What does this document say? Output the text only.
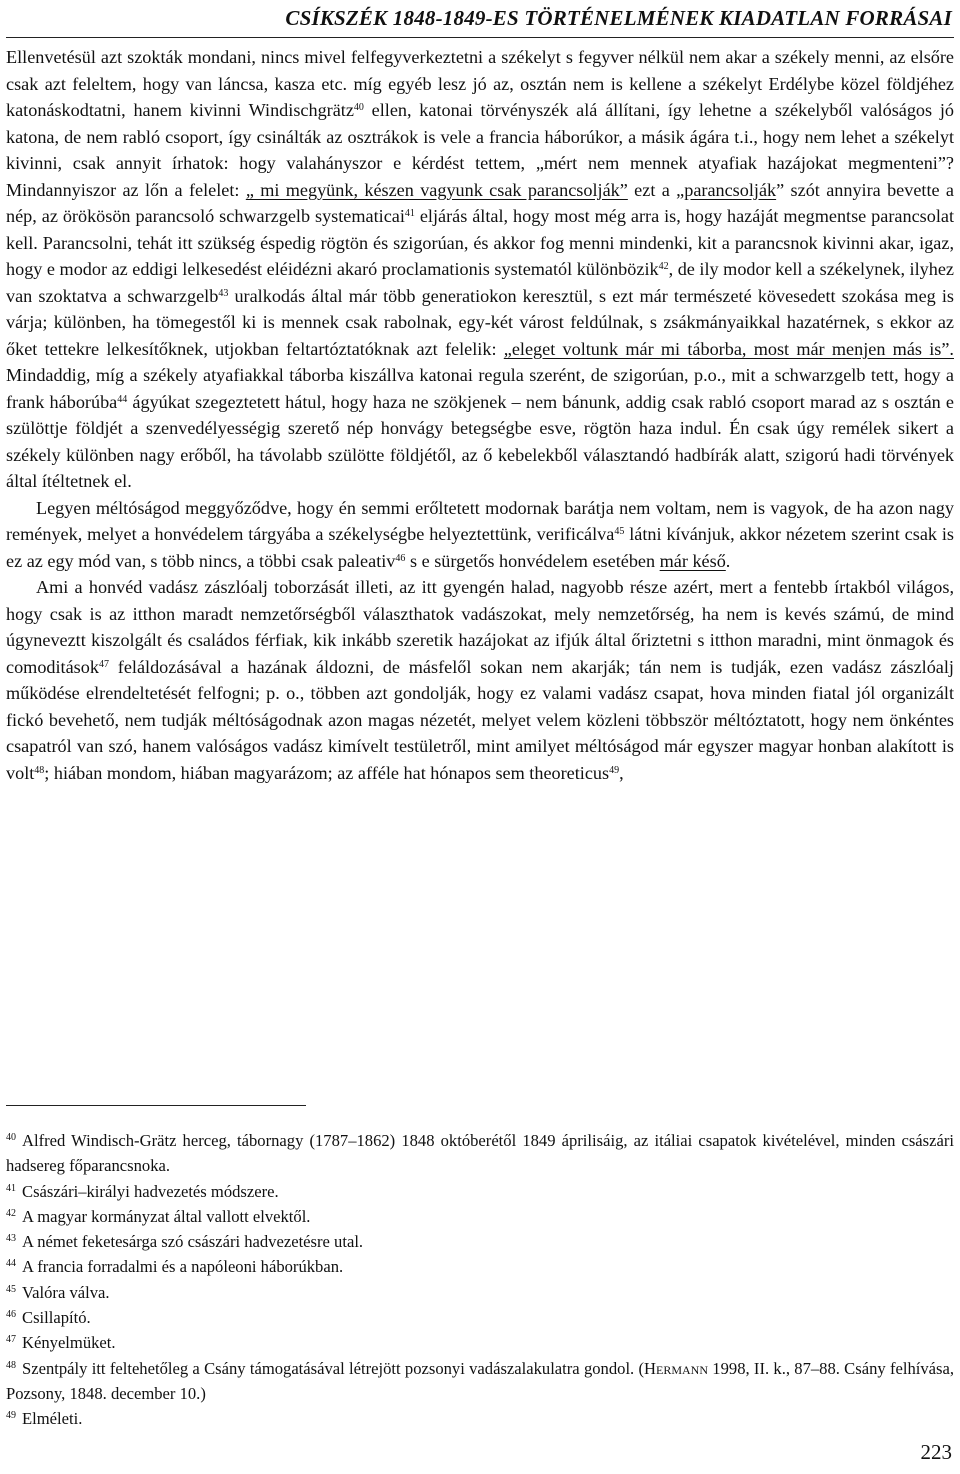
CSÍKSZÉK 1848-1849-ES TÖRTÉNELMÉNEK KIADATLAN FORRÁSAI

Ellenvetésül azt szokták mondani, nincs mivel felfegyverkeztetni a székelyt s fegyver nélkül nem akar a székely menni, az elsőre csak azt feleltem, hogy van láncsa, kasza etc. míg egyéb lesz jó az, osztán nem is kellene a székelyt Erdélybe közel földjéhez katonáskodtatni, hanem kivinni Windischgrätz$^{40}$ ellen, katonai törvényszék alá állítani, így lehetne a székelyből valóságos jó katona, de nem rabló csoport, így csinálták az osztrákok is vele a francia háborúkor, a másik ágára t.i., hogy nem lehet a székelyt kivinni, csak annyit írhatok: hogy valahányszor e kérdést tettem, „mért nem mennek atyafiak hazájokat megmenteni”? Mindannyiszor az lőn a felelet: „ mi megyünk, készen vagyunk csak parancsolják” ezt a „parancsolják” szót annyira bevette a nép, az örökösön parancsoló schwarzgelb systematicai$^{41}$ eljárás által, hogy most még arra is, hogy hazáját megmentse parancsolat kell. Parancsolni, tehát itt szükség éspedig rögtön és szigorúan, és akkor fog menni mindenki, kit a parancsnok kivinni akar, igaz, hogy e modor az eddigi lelkesedést eléidézni akaró proclamationis systematól különbözik$^{42}$, de ily modor kell a székelynek, ilyhez van szoktatva a schwarzgelb$^{43}$ uralkodás által már több generatiokon keresztül, s ezt már természeté kövesedett szokása meg is várja; különben, ha tömegestől ki is mennek csak rabolnak, egy-két várost feldúlnak, s zsákmányaikkal hazatérnek, s ekkor az őket tettekre lelkesítőknek, utjokban feltartóztatóknak azt felelik: „eleget voltunk már mi táborba, most már menjen más is”. Mindaddig, míg a székely atyafiakkal táborba kiszállva katonai regula szerént, de szigorúan, p.o., mit a schwarzgelb tett, hogy a frank háborúba$^{44}$ ágyúkat szegeztetett hátul, hogy haza ne szökjenek – nem bánunk, addig csak rabló csoport marad az s osztán e szülöttje földjét a szenvedélyességig szerető nép honvágy betegségbe esve, rögtön haza indul. Én csak úgy remélek sikert a székely különben nagy erőből, ha távolabb szülötte földjétől, az ő kebelekből választandó hadbírák alatt, szigorú hadi törvények által ítéltetnek el.

Legyen méltóságod meggyőződve, hogy én semmi erőltetett modornak barátja nem voltam, nem is vagyok, de ha azon nagy remények, melyet a honvédelem tárgyába a székelységbe helyeztettünk, verificálva$^{45}$ látni kívánjuk, akkor nézetem szerint csak is ez az egy mód van, s több nincs, a többi csak paleativ$^{46}$ s e sürgetős honvédelem esetében már késő.

Ami a honvéd vadász zászlóalj toborzását illeti, az itt gyengén halad, nagyobb része azért, mert a fentebb írtakból világos, hogy csak is az itthon maradt nemzetőrségből választhatok vadászokat, mely nemzetőrség, ha nem is kevés számú, de mind úgyneveztt kiszolgált és családos férfiak, kik inkább szeretik hazájokat az ifjúk által őriztetni s itthon maradni, mint önmagok és comoditások$^{47}$ feláldozásával a hazának áldozni, de másfelől sokan nem akarják; tán nem is tudják, ezen vadász zászlóalj működése elrendeltetését felfogni; p. o., többen azt gondolják, hogy ez valami vadász csapat, hova minden fiatal jól organizált fickó bevehető, nem tudják méltóságodnak azon magas nézetét, melyet velem közleni többször méltóztatott, hogy nem önkéntes csapatról van szó, hanem valóságos vadász kimívelt testületről, mint amilyet méltóságod már egyszer magyar honban alakított is volt$^{48}$; hiában mondom, hiában magyarázom; az afféle hat hónapos sem theoreticus$^{49}$,

$^{40}$ Alfred Windisch-Grätz herceg, tábornagy (1787–1862) 1848 októberétől 1849 áprilisáig, az itáliai csapatok kivételével, minden császári hadsereg főparancsnoka.
$^{41}$ Császári–királyi hadvezetés módszere.
$^{42}$ A magyar kormányzat által vallott elvektől.
$^{43}$ A német feketesárga szó császári hadvezetésre utal.
$^{44}$ A francia forradalmi és a napóleoni háborúkban.
$^{45}$ Valóra válva.
$^{46}$ Csillapító.
$^{47}$ Kényelmüket.
$^{48}$ Szentpály itt feltehetőleg a Csány támogatásával létrejött pozsonyi vadászalakulatra gondol. (Hermann 1998, II. k., 87–88. Csány felhívása, Pozsony, 1848. december 10.)
$^{49}$ Elméleti.
223
